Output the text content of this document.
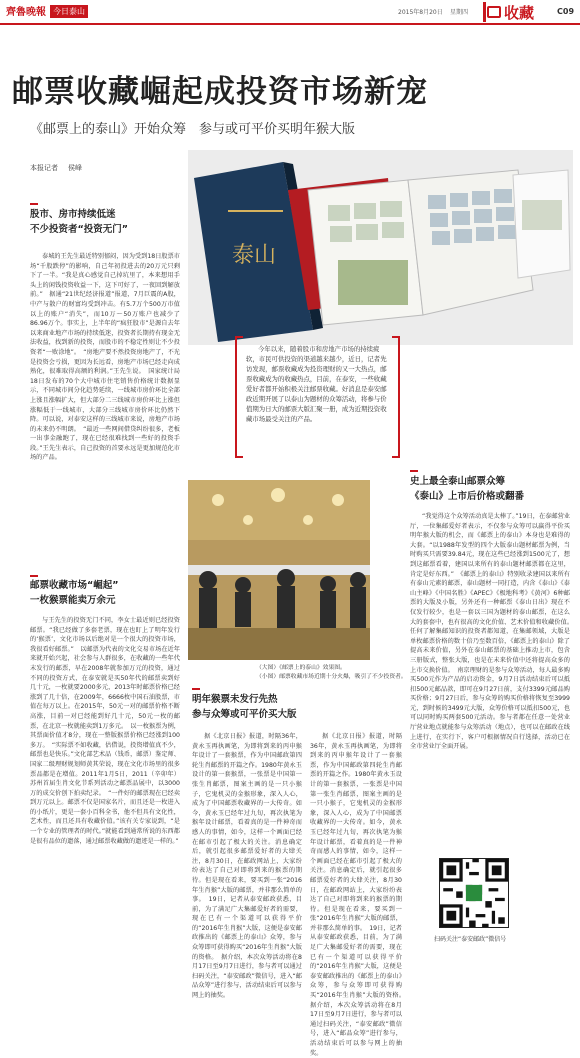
齊魯晚報 今日泰山	2015年8月20日 星期四 收藏	C09
邮票收藏崛起成投资市场新宠
《邮票上的泰山》开始众筹　参与或可平价买明年猴大版
本报记者 侯峰
股市、房市持续低迷
不少投资者“投资无门”
泰城的王先生最近特别郁闷，因为受到18日股票市场“千股跌停”的影响，自己年初投进去的20万元只剩下了一半。“我是真心感觉自己掉坑里了，本来想用手头上的闲钱投资收益一下，这下可好了，一夜回到解放前。”　据通“21世纪经济报道”报道，7月巨震的A股，中产与散户的财富均受到冲击。有5.7万个500万市值以上的账户“消失”，而10万～50万账户也减少了86.96万个。事实上，上半年的“疯狂股市”是源自去年以来商业地产市场的持续低迷，投资者长期持有现金无法收益，找到新的投资，而股市的不稳定性则让不少投资者“一败涂地”。　“房地产要不然投资房地产了，不光是投资会亏损，更因为长远看，房地产市场已经走向成熟化，很难取得高额的利润。”王先生说。　国家统计局18日发布的70个大中城市住宅销售价格统计数据显示，不同城市间分化趋势延续，一线城市房价环比全部上涨且涨幅扩大，但大部分二三线城市房价环比上涨但涨幅低于一线城市，大部分三线城市房价环比仍然下降。可以说，对泰安这样的三线城市来说，房地产市场的未来仍不明朗。　“最近一些网间借贷纠纷很多，老板一出事金融跑了，现在已经很难找到一些好的投资手段。”王先生表示，自己投资的首要永远是更加规范化市场的产品。
邮票收藏市场“崛起”
一枚猴票能卖万余元
与王先生的投资无门不同，李女士最近则已经投资邮票。“我已经做了多套老票，现在也盯上了明年发行的‘猴票’，文化市场以后绝对是一个很大的投资市场，我很看好邮票。”　以邮票为代表的文化交易市场在近年来就开始兴起，社会参与人群很多，在收藏的一些年代末发行的邮票，早在2008年就参加万元的投资，通过不同的投资方式，在泰安就是买50年代的邮票卖到好几十元，一枚就要2000多元，2013年时邮票价格已经涨到了几十倍，在2009年，6666枚中国石油股票，市值在每万以上。在2015年，50元一对的邮票价格不断高涨，目前一对已经能到好几十元，50元一枚的邮票，在北京一枚就能卖到1万多元。　以一枚猴票为例，其票面价值才8分，现在一整版猴票价格已经涨到100多万。　“实际票不如收藏，估借说，投资增值真不少，邮票也是快乐。”文化部艺术品（钱币，邮票）鉴定师、国家二级理财规划师黄其荣说，现在文化市场里的很多票品都是在增值。2011年1月5日，2011（辛卯年）苏州首届生肖文化节系列活动之邮票品展中，以3000万的成交价创下拍卖纪录。　“一件好的邮票现在已经卖到万元以上。邮票不仅是国家名片，而且还是一枚进入的小纸片，更是一套小百科全书，他不但具有文化性，艺术性，而且还具有收藏价值。”该有关专家说到，“是一个专业的管理者的时代。”就能看到通常所说的东西都是很有品位的遗落，通过邮票收藏做的遗迹是一样的。”
泰山
今年以来，随着股市和房地产市场的持续疲软，市民可供投资的渠道越来越少，近日，记者先访发现，邮票收藏成为投资理财的又一大热点，邮票收藏成为的收藏热点，目前，在泰安，一些收藏爱好者都开始积极关注邮票收藏。好消息是泰安邮政近期开展了以泰山为题材的众筹活动，将参与价值期为日大的邮票大版汇聚一册，成为近期投资收藏市场最受关注的产品。
史上最全泰山邮票众筹
《泰山》上市后价格或翻番
“我觉得这个众筹活动真是太棒了。”19日，在泰邮营业厅，一位集邮爱好者表示，不仅参与众筹可以赢得平价买明年猴大版的机会，而《邮票上的泰山》本身也是难得的大套。“以1988年发型的四个大版泰山题材邮票为例，当时购买只需要39.84元，现在这些已经涨到1500元了，想到这邮票看着，建国以来所有的泰山题材邮票都在这里，肯定是好东西。”　《邮票上的泰山》特别收录建国以来所有有泰山元素的邮票，泰山题材一同打造，内含《泰山》《泰山主峰》《中国名胜》《APEC》《极地科考》《黄河》6种邮票的大版及小版，另外还有一种邮票《泰山日出》现在不仅发行较少，也是一套以三国为题材的泰山邮票，在这么大的套套中，也有很高的文化价值、艺术价值和收藏价值。　任何了解集邮知识的投资者都知道，在集邮领域，大版是单枚邮票价格的数十倍乃至数百倍，《邮票上的泰山》除了提高未来价值，另外在泰山邮票的基础上推动上市，包含三册版式，整张大版，也是在未来价值中还将提高众多的上市交换价值。　南京理财的是参与众筹活动，每人最多购买500元作为产品的启动资金，9月7日活动结束后可以抵扣500元邮品款，即可在9月27日前，支付3399元邮品购买价格；9月27日后，参与众筹的购买价格将恢复至3999元，到时候的3499元大版，众筹价格可以抵扣500元，也可以同时购买两套500元活动。参与者都在任意一处营业厅营业地点就能参与众筹活动（地点），也可以在邮政在线上进行，在实行下，客户可根据情况自行选择，活动已在全市营业厅全面开展。
（大图）《邮票上的泰山》效果图。
（小图）邮票收藏市场近期十分火爆，吸引了不少投资者。
明年猴票未发行先热
参与众筹或可平价买大版
据《北京日报》报道，时隔36年，黄永玉再执画笔，为即将到来的丙申猴年设计了一套猴票，作为中国邮政第四轮生肖邮票的开篇之作。1980年黄永玉设计的第一套猴票，一张票是中国第一张生肖邮票，图案主画的是一只小猴子，它鬼机灵的金猴形象，深入人心，成为了中国邮票收藏界的一大传奇。如今，黄永玉已经年过九旬，再次执笔为猴年设计邮票，看着真的是一件神奇而感人的事情，如今，这样一个画面已经在邮市引起了极大的关注。消息确定后，就引起很多邮票爱好者的大肆关注，8月30日，在邮政网站上，大家纷纷表达了自己对即将到来的猴票的期待。但是现在看来，要买到一张“2016年生肖猴”大版的邮票，并非那么简单的事。　19日，记者从泰安邮政获悉，目前，为了满足广大集邮爱好者的需要，现在已有一个渠道可以获得平价的“2016年生肖猴”大版，这便是泰安邮政推出的《邮票上的泰山》众筹，参与众筹即可获得购买“2016年生肖猴”大版的资格。　据介绍，本次众筹活动将在8月17日至9月7日进行，参与者可以通过扫码关注，“泰安邮政”微信号，进入“邮品众筹”进行参与，活动结束后可以参与网上的抽奖。
据《北京日报》报道，时隔36年，黄永玉再执画笔，为即将到来的丙申猴年设计了一套猴票，作为中国邮政第四轮生肖邮票的开篇之作。1980年黄永玉设计的第一套猴票，一张票是中国第一张生肖邮票，图案主画的是一只小猴子，它鬼机灵的金猴形象，深入人心，成为了中国邮票收藏界的一大传奇。如今，黄永玉已经年过九旬，再次执笔为猴年设计邮票，看着真的是一件神奇而感人的事情，如今，这样一个画面已经在邮市引起了极大的关注。消息确定后，就引起很多邮票爱好者的大肆关注，8月30日，在邮政网站上，大家纷纷表达了自己对即将到来的猴票的期待。但是现在看来，要买到一张“2016年生肖猴”大版的邮票，并非那么简单的事。　19日，记者从泰安邮政获悉，目前，为了满足广大集邮爱好者的需要，现在已有一个渠道可以获得平价的“2016年生肖猴”大版，这便是泰安邮政推出的《邮票上的泰山》众筹，参与众筹即可获得购买“2016年生肖猴”大版的资格。　据介绍，本次众筹活动将在8月17日至9月7日进行，参与者可以通过扫码关注，“泰安邮政”微信号，进入“邮品众筹”进行参与，活动结束后可以参与网上的抽奖。
扫码关注“泰安邮政”微信号
